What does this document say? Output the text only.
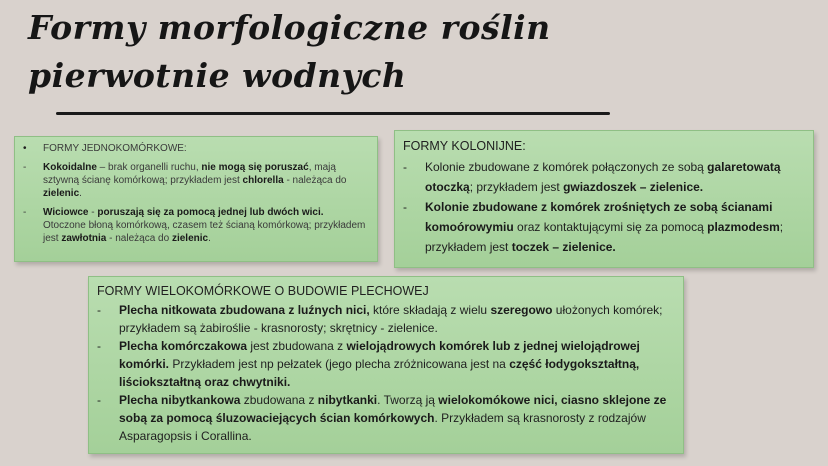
Formy morfologiczne roślin
pierwotnie wodnych
•	FORMY JEDNOKOMÓRKOWE:
-	Kokoidalne – brak organelli ruchu, nie mogą się poruszać, mają sztywną ścianę komórkową; przykładem jest chlorella - należąca do zielenic.
-	Wiciowce - poruszają się za pomocą jednej lub dwóch wici. Otoczone błoną komórkową, czasem też ścianą komórkową; przykładem jest zawłotnia - należąca do zielenic.
FORMY KOLONIJNE:
-	Kolonie zbudowane z komórek połączonych ze sobą galaretowatą otoczką; przykładem jest gwiazdoszek – zielenice.
-	Kolonie zbudowane z komórek zrośniętych ze sobą ścianami komoórowymiu oraz kontaktującymi się za pomocą plazmodesm; przykładem jest toczek – zielenice.
FORMY WIELOKOMÓRKOWE O BUDOWIE PLECHOWEJ
-	Plecha nitkowata zbudowana z luźnych nici, które składają z wielu szeregowo ułożonych komórek; przykładem są żabiroślie - krasnorosty; skrętnicy - zielenice.
-	Plecha komórczakowa jest zbudowana z wielojądrowych komórek lub z jednej wielojądrowej komórki. Przykładem jest np pełzatek (jego plecha zróżnicowana jest na część łodygokształtną, liściokształtną oraz chwytniki.
-	Plecha nibytkankowa zbudowana z nibytkanki. Tworzą ją wielokomókowe nici, ciasno sklejone ze sobą za pomocą śluzowaciejących ścian komórkowych. Przykładem są krasnorosty z rodzajów Asparagopsis i Corallina.
